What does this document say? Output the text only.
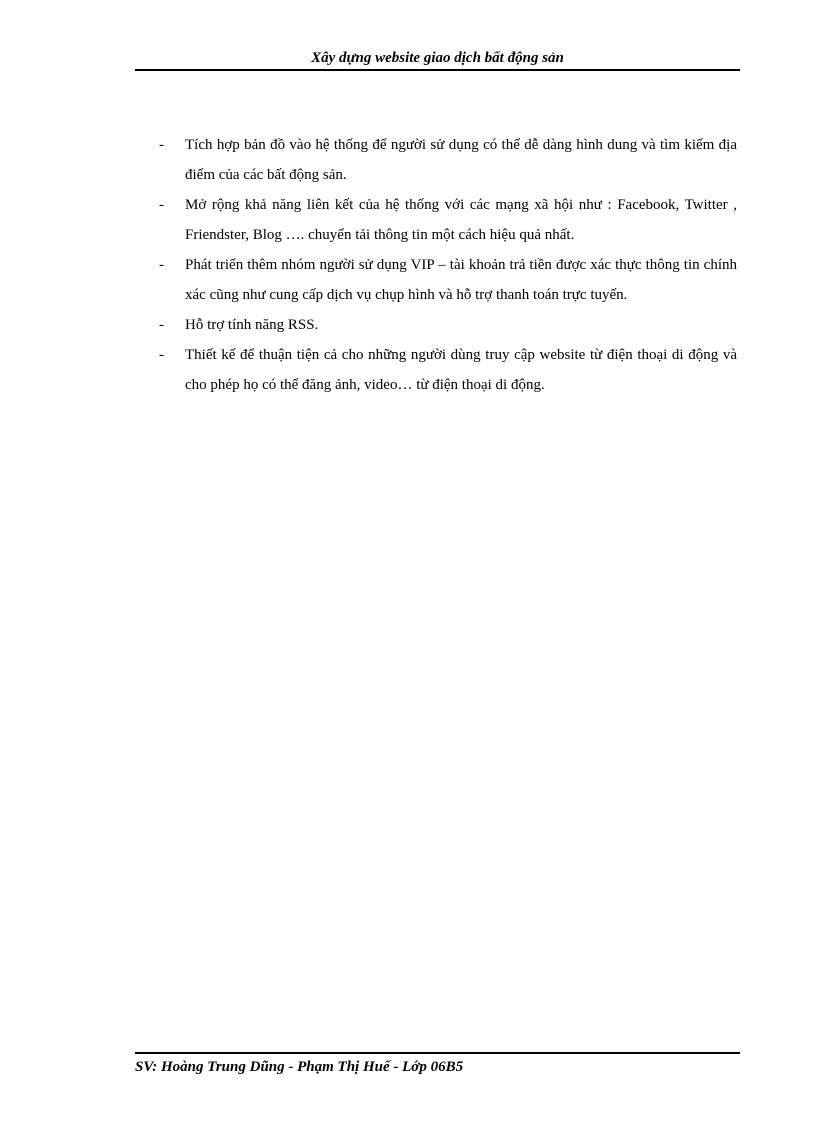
Xây dựng website giao dịch bất động sản

- Tích hợp bản đồ vào hệ thống để người sử dụng có thể dễ dàng hình dung và tìm kiếm địa điểm của các bất động sản.

- Mở rộng khả năng liên kết của hệ thống với các mạng xã hội như : Facebook, Twitter , Friendster, Blog …. chuyển tải thông tin một cách hiệu quả nhất.

- Phát triển thêm nhóm người sử dụng VIP – tài khoản trả tiền được xác thực thông tin chính xác cũng như cung cấp dịch vụ chụp hình và hỗ trợ thanh toán trực tuyến.

- Hỗ trợ tính năng RSS.

- Thiết kế để thuận tiện cả cho những người dùng truy cập website từ điện thoại di động và cho phép họ có thể đăng ảnh, video… từ điện thoại di động.

SV: Hoàng Trung Dũng - Phạm Thị Huế - Lớp 06B5
